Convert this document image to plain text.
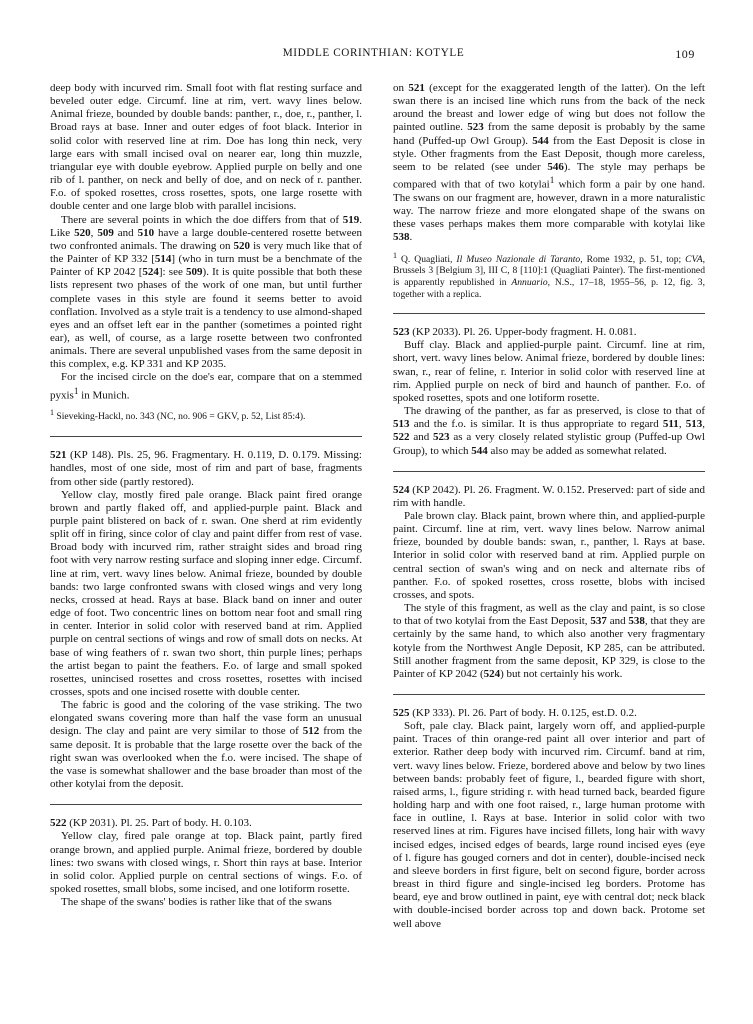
MIDDLE CORINTHIAN: KOTYLE	109

deep body with incurved rim. Small foot with flat resting surface and beveled outer edge. Circumf. line at rim, vert. wavy lines below. Animal frieze, bounded by double bands: panther, r., doe, r., panther, l. Broad rays at base. Inner and outer edges of foot black. Interior in solid color with reserved line at rim. Doe has long thin neck, very large ears with small incised oval on nearer ear, long thin muzzle, triangular eye with double eyebrow. Applied purple on belly and one rib of l. panther, on neck and belly of doe, and on neck of r. panther. F.o. of spoked rosettes, cross rosettes, spots, one large rosette with double center and one large blob with parallel incisions.

There are several points in which the doe differs from that of 519. Like 520, 509 and 510 have a large double-centered rosette between two confronted animals. The drawing on 520 is very much like that of the Painter of KP 332 [514] (who in turn must be a benchmate of the Painter of KP 2042 [524]: see 509). It is quite possible that both these lists represent two phases of the work of one man, but until further complete vases in this style are found it seems better to avoid conflation. Involved as a style trait is a tendency to use almond-shaped eyes and an offset left ear in the panther (sometimes a pointed right ear), as well, of course, as a large rosette between two confronted animals. There are several unpublished vases from the same deposit in this complex, e.g. KP 331 and KP 2035.

For the incised circle on the doe's ear, compare that on a stemmed pyxis$^1$ in Munich.

$^1$ Sieveking-Hackl, no. 343 (NC, no. 906 = GKV, p. 52, List 85:4).

521 (KP 148). Pls. 25, 96. Fragmentary. H. 0.119, D. 0.179. Missing: handles, most of one side, most of rim and part of base, fragments from other side (partly restored).

Yellow clay, mostly fired pale orange. Black paint fired orange brown and partly flaked off, and applied-purple paint. Black and purple paint blistered on back of r. swan. One sherd at rim evidently split off in firing, since color of clay and paint differ from rest of vase. Broad body with incurved rim, rather straight sides and broad ring foot with very narrow resting surface and sloping inner edge. Circumf. line at rim, vert. wavy lines below. Animal frieze, bounded by double bands: two large confronted swans with closed wings and very long necks, crossed at head. Rays at base. Black band on inner and outer edge of foot. Two concentric lines on bottom near foot and small ring in center. Interior in solid color with reserved band at rim. Applied purple on central sections of wings and row of small dots on necks. At base of wing feathers of r. swan two short, thin purple lines; perhaps the artist began to paint the feathers. F.o. of large and small spoked rosettes, unincised rosettes and cross rosettes, rosettes with incised crosses, spots and one incised rosette with double center.

The fabric is good and the coloring of the vase striking. The two elongated swans covering more than half the vase form an unusual design. The clay and paint are very similar to those of 512 from the same deposit. It is probable that the large rosette over the back of the right swan was overlooked when the f.o. were incised. The shape of the vase is somewhat shallower and the base broader than most of the other kotylai from the deposit.

522 (KP 2031). Pl. 25. Part of body. H. 0.103.

Yellow clay, fired pale orange at top. Black paint, partly fired orange brown, and applied purple. Animal frieze, bordered by double lines: two swans with closed wings, r. Short thin rays at base. Interior in solid color. Applied purple on central sections of wings. F.o. of spoked rosettes, small blobs, some incised, and one lotiform rosette.

The shape of the swans' bodies is rather like that of the swans

on 521 (except for the exaggerated length of the latter). On the left swan there is an incised line which runs from the back of the neck around the breast and lower edge of wing but does not follow the painted outline. 523 from the same deposit is probably by the same hand (Puffed-up Owl Group). 544 from the East Deposit is close in style. Other fragments from the East Deposit, though more careless, seem to be related (see under 546). The style may perhaps be compared with that of two kotylai$^1$ which form a pair by one hand. The swans on our fragment are, however, drawn in a more naturalistic way. The narrow frieze and more elongated shape of the swans on these vases perhaps makes them more comparable with kotylai like 538.

$^1$ Q. Quagliati, Il Museo Nazionale di Taranto, Rome 1932, p. 51, top; CVA, Brussels 3 [Belgium 3], III C, 8 [110]:1 (Quagliati Painter). The first-mentioned is apparently republished in Annuario, N.S., 17–18, 1955–56, p. 12, fig. 3, together with a replica.

523 (KP 2033). Pl. 26. Upper-body fragment. H. 0.081.

Buff clay. Black and applied-purple paint. Circumf. line at rim, short, vert. wavy lines below. Animal frieze, bordered by double lines: swan, r., rear of feline, r. Interior in solid color with reserved line at rim. Applied purple on neck of bird and haunch of panther. F.o. of spoked rosettes, spots and one lotiform rosette.

The drawing of the panther, as far as preserved, is close to that of 513 and the f.o. is similar. It is thus appropriate to regard 511, 513, 522 and 523 as a very closely related stylistic group (Puffed-up Owl Group), to which 544 also may be added as somewhat related.

524 (KP 2042). Pl. 26. Fragment. W. 0.152. Preserved: part of side and rim with handle.

Pale brown clay. Black paint, brown where thin, and applied-purple paint. Circumf. line at rim, vert. wavy lines below. Narrow animal frieze, bounded by double bands: swan, r., panther, l. Rays at base. Interior in solid color with reserved band at rim. Applied purple on central section of swan's wing and on neck and alternate ribs of panther. F.o. of spoked rosettes, cross rosette, blobs with incised crosses, and spots.

The style of this fragment, as well as the clay and paint, is so close to that of two kotylai from the East Deposit, 537 and 538, that they are certainly by the same hand, to which also another very fragmentary kotyle from the Northwest Angle Deposit, KP 285, can be attributed. Still another fragment from the same deposit, KP 329, is close to the Painter of KP 2042 (524) but not certainly his work.

525 (KP 333). Pl. 26. Part of body. H. 0.125, est.D. 0.2.

Soft, pale clay. Black paint, largely worn off, and applied-purple paint. Traces of thin orange-red paint all over interior and part of exterior. Rather deep body with incurved rim. Circumf. band at rim, vert. wavy lines below. Frieze, bordered above and below by two lines between bands: probably feet of figure, l., bearded figure with short, raised arms, l., figure striding r. with head turned back, bearded figure holding harp and with one foot raised, r., large human protome with face in outline, l. Rays at base. Interior in solid color with two reserved lines at rim. Figures have incised fillets, long hair with wavy incised edges, incised edges of beards, large round incised eyes (eye of l. figure has gouged corners and dot in center), double-incised neck and sleeve borders in first figure, belt on second figure, border across breast in third figure and single-incised leg borders. Protome has beard, eye and brow outlined in paint, eye with central dot; neck black with double-incised border across top and down back. Protome set well above
